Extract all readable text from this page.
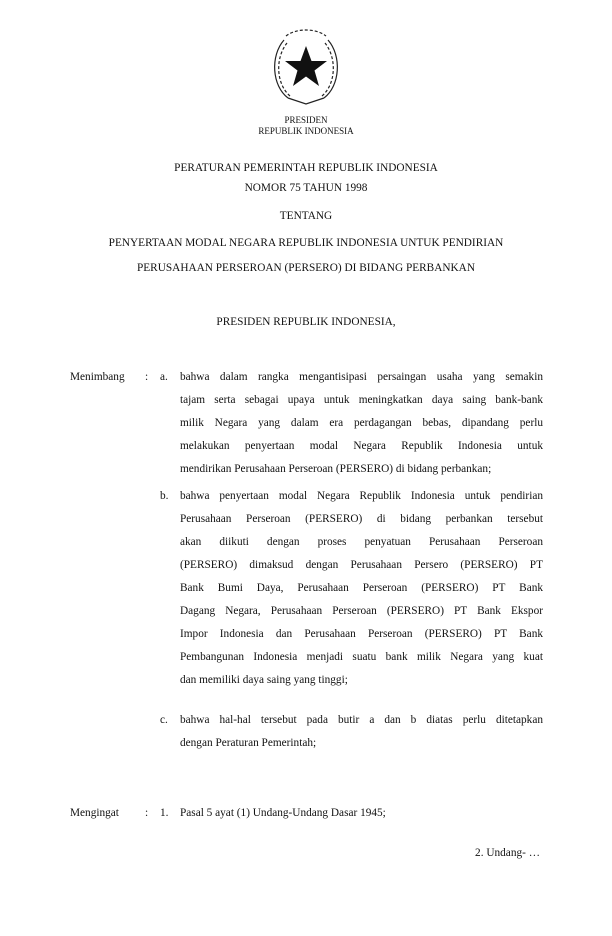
PRESIDEN
REPUBLIK INDONESIA
PERATURAN PEMERINTAH REPUBLIK INDONESIA
NOMOR 75 TAHUN 1998
TENTANG
PENYERTAAN MODAL NEGARA REPUBLIK INDONESIA UNTUK PENDIRIAN
PERUSAHAAN PERSEROAN (PERSERO) DI BIDANG PERBANKAN
PRESIDEN REPUBLIK INDONESIA,
Menimbang : a. bahwa dalam rangka mengantisipasi persaingan usaha yang semakin
tajam serta sebagai upaya untuk meningkatkan daya saing bank-bank
milik Negara yang dalam era perdagangan bebas, dipandang perlu
melakukan penyertaan modal Negara Republik Indonesia untuk
mendirikan Perusahaan Perseroan (PERSERO) di bidang perbankan;
b. bahwa penyertaan modal Negara Republik Indonesia untuk pendirian
Perusahaan Perseroan (PERSERO) di bidang perbankan tersebut
akan diikuti dengan proses penyatuan Perusahaan Perseroan
(PERSERO) dimaksud dengan Perusahaan Persero (PERSERO) PT
Bank Bumi Daya, Perusahaan Perseroan (PERSERO) PT Bank
Dagang Negara, Perusahaan Perseroan (PERSERO) PT Bank Ekspor
Impor Indonesia dan Perusahaan Perseroan (PERSERO) PT Bank
Pembangunan Indonesia menjadi suatu bank milik Negara yang kuat
dan memiliki daya saing yang tinggi;
c. bahwa hal-hal tersebut pada butir a dan b diatas perlu ditetapkan
dengan Peraturan Pemerintah;
Mengingat : 1. Pasal 5 ayat (1) Undang-Undang Dasar 1945;
2. Undang- …
